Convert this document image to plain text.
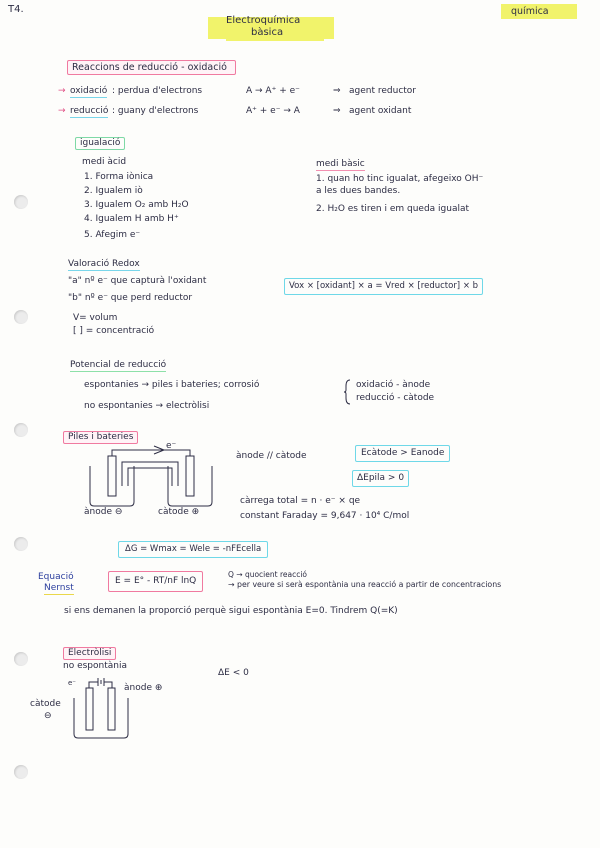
T4.
Electroquímica
bàsica
química
Reaccions de reducció - oxidació
→ oxidació : perdua d'electrons	A → A⁺ + e⁻	⇒ agent reductor
→ reducció : guany d'electrons	A⁺ + e⁻ → A	⇒ agent oxidant
igualació
medi àcid
1. Forma iònica
2. Igualem iò
3. Igualem O₂ amb H₂O
4. Igualem H amb H⁺
5. Afegim e⁻
medi bàsic
1. quan ho tinc igualat, afegeixo OH⁻
a les dues bandes.
2. H₂O es tiren i em queda igualat
Valoració Redox
"a" nº e⁻ que capturà l'oxidant
"b" nº e⁻ que perd reductor
V= volum
[ ] = concentració
Vox × [oxidant] × a = Vred × [reductor] × b
Potencial de reducció
espontanies → piles i bateries; corrosió
no espontanies → electròlisi
oxidació - ànode
reducció - càtode
Piles i bateries
e⁻
ànode ⊖	càtode ⊕
ànode // càtode	Ecàtode > Eanode
ΔEpila > 0
càrrega total = n · e⁻ × qe
constant Faraday = 9,647 · 10⁴ C/mol
ΔG = Wmax = Wele = -nFEcella
Equació
Nernst
E = E° - RT/nF lnQ
Q → quocient reacció
→ per veure si serà espontània una reacció a partir de concentracions
si ens demanen la proporció perquè sigui espontània E=0. Tindrem Q(=K)
Electròlisi
no espontània
ΔE < 0
e⁻	ànode ⊕
càtode
⊖
